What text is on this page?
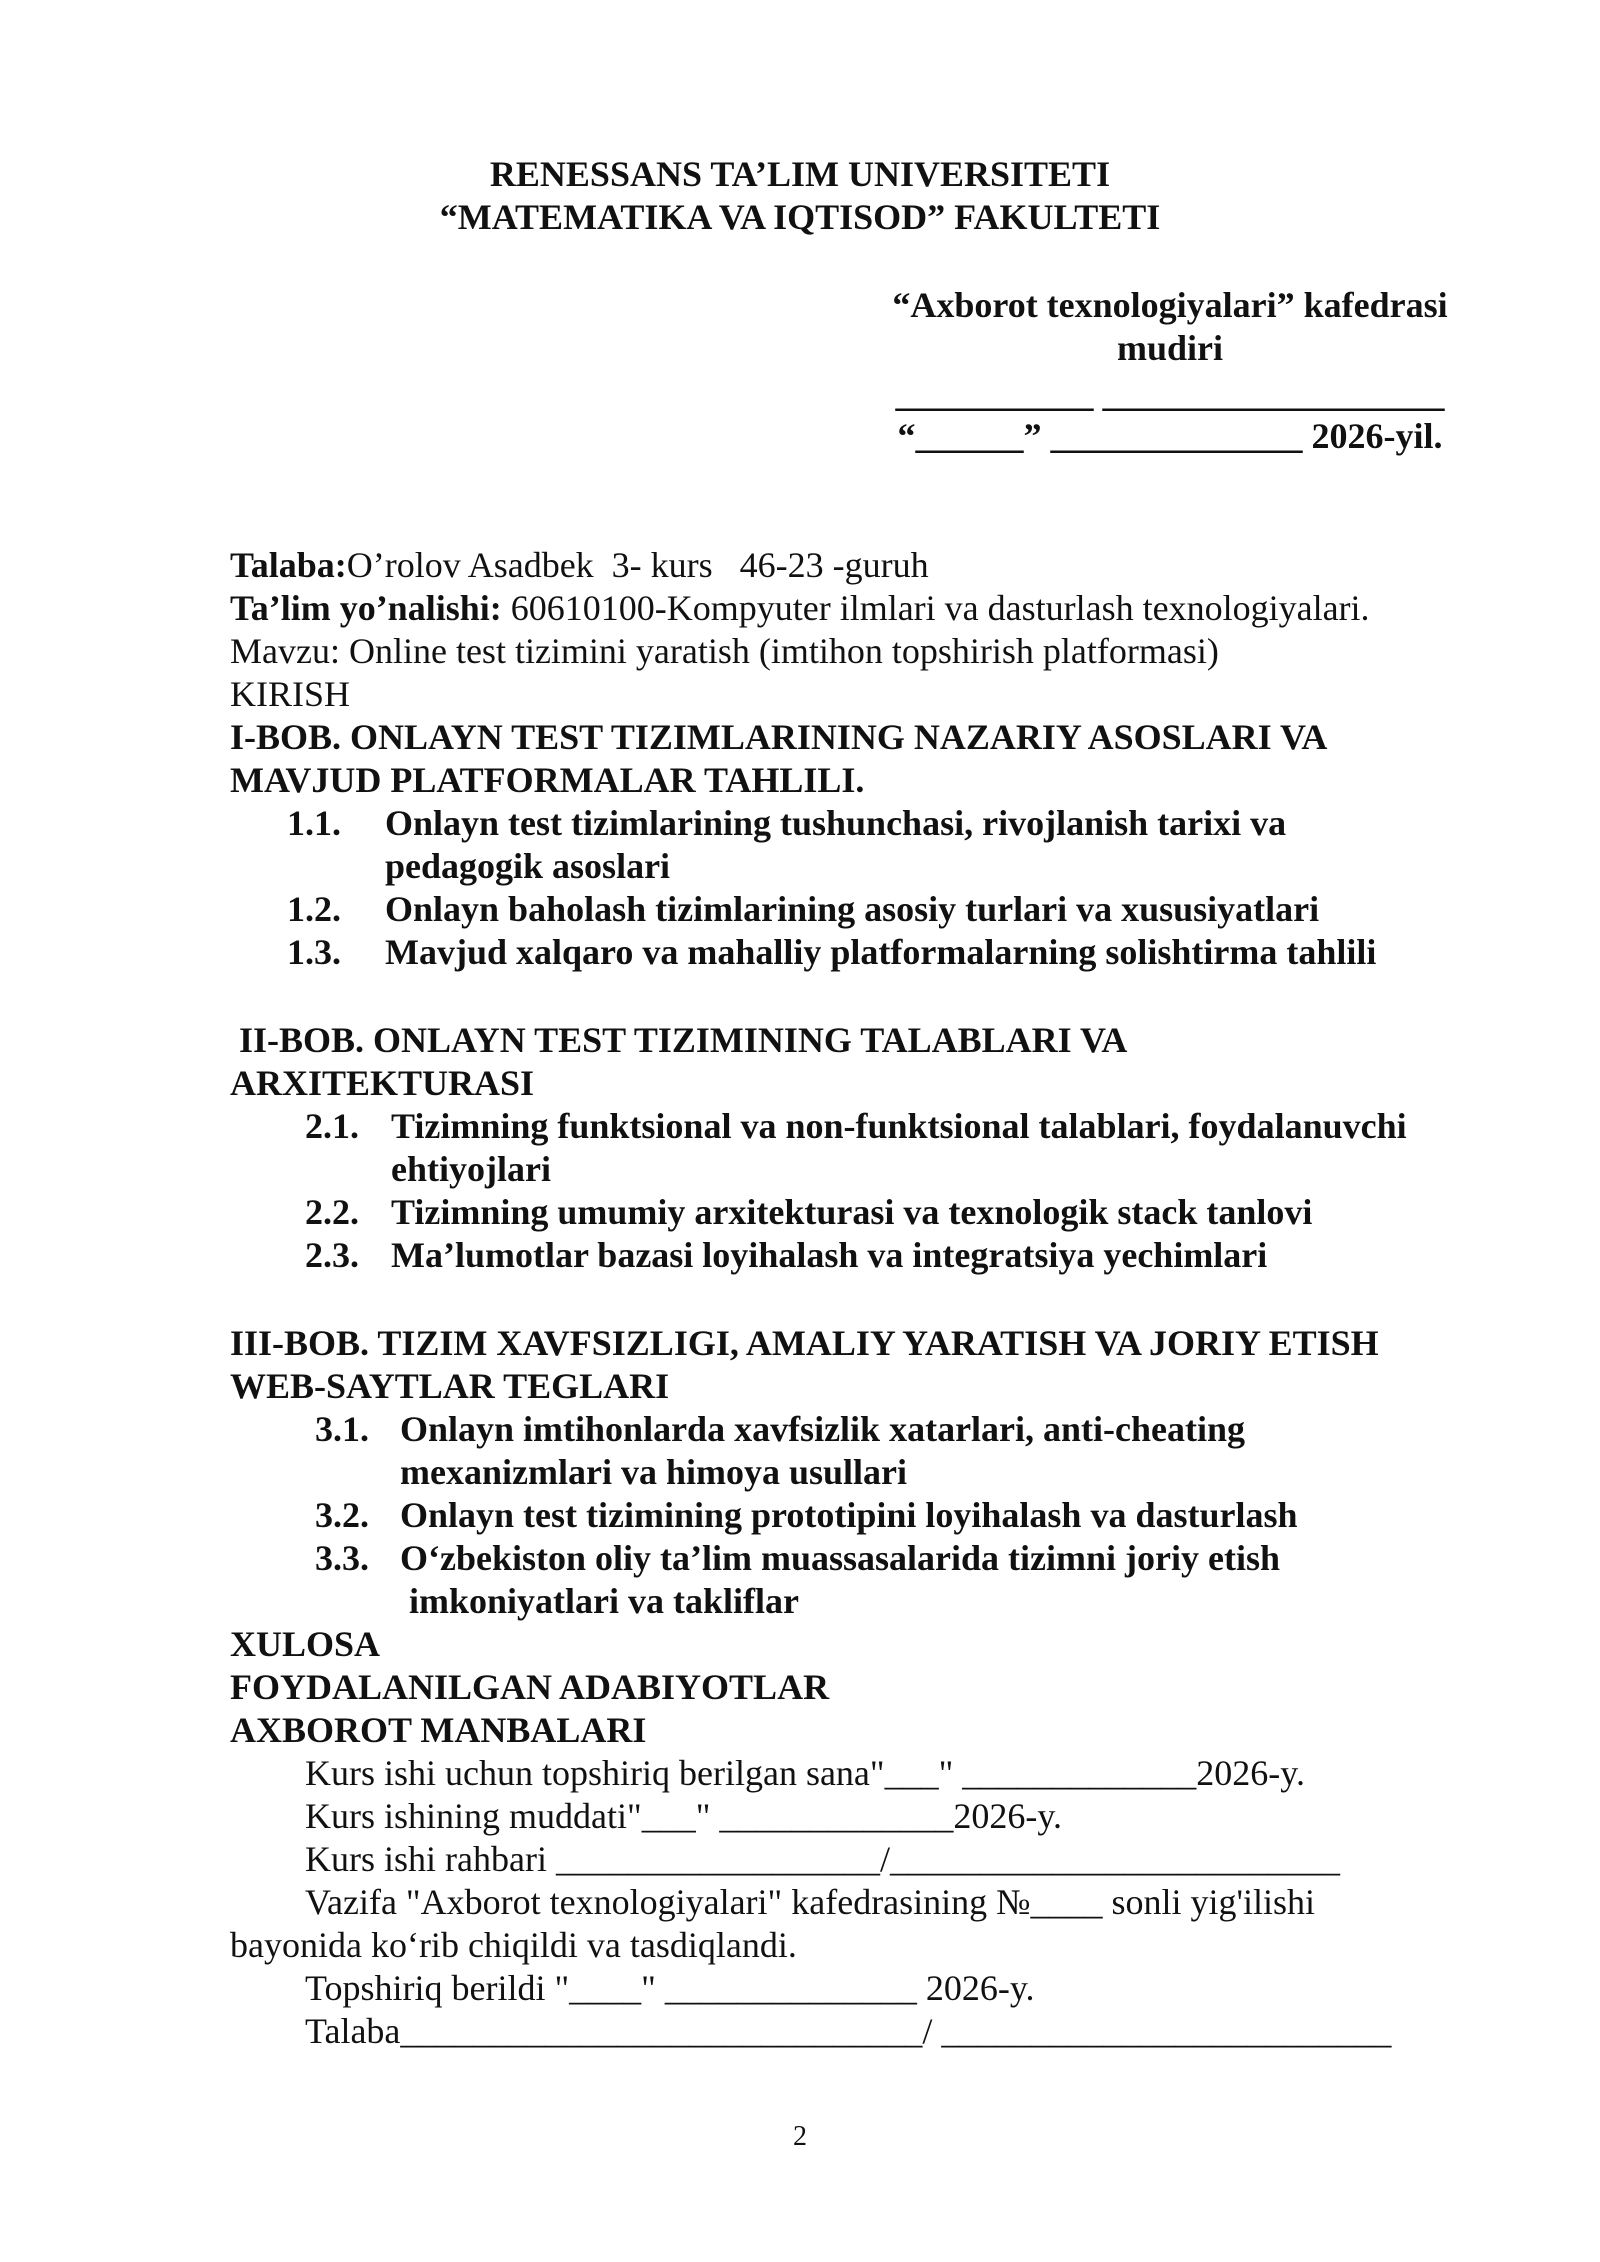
RENESSANS TA’LIM UNIVERSITETI
“MATEMATIKA VA IQTISOD” FAKULTETI
“Axborot texnologiyalari” kafedrasi
mudiri
___________ ___________________
“______” ______________ 2026-yil.
Talaba:O’rolov Asadbek  3- kurs   46-23 -guruh
Ta’lim yo’nalishi: 60610100-Kompyuter ilmlari va dasturlash texnologiyalari.
Mavzu: Online test tizimini yaratish (imtihon topshirish platformasi)
KIRISH
I-BOB. ONLAYN TEST TIZIMLARINING NAZARIY ASOSLARI VA
MAVJUD PLATFORMALAR TAHLILI.
1.1. Onlayn test tizimlarining tushunchasi, rivojlanish tarixi va
pedagogik asoslari
1.2. Onlayn baholash tizimlarining asosiy turlari va xususiyatlari
1.3. Mavjud xalqaro va mahalliy platformalarning solishtirma tahlili
II-BOB. ONLAYN TEST TIZIMINING TALABLARI VA
ARXITEKTURASI
2.1. Tizimning funktsional va non-funktsional talablari, foydalanuvchi
ehtiyojlari
2.2. Tizimning umumiy arxitekturasi va texnologik stack tanlovi
2.3. Ma’lumotlar bazasi loyihalash va integratsiya yechimlari
III-BOB. TIZIM XAVFSIZLIGI, AMALIY YARATISH VA JORIY ETISH
WEB-SAYTLAR TEGLARI
3.1. Onlayn imtihonlarda xavfsizlik xatarlari, anti-cheating
mexanizmlari va himoya usullari
3.2. Onlayn test tizimining prototipini loyihalash va dasturlash
3.3. O‘zbekiston oliy ta’lim muassasalarida tizimni joriy etish
imkoniyatlari va takliflar
XULOSA
FOYDALANILGAN ADABIYOTLAR
AXBOROT MANBALARI
Kurs ishi uchun topshiriq berilgan sana"___" _____________2026-y.
Kurs ishining muddati"___" _____________2026-y.
Kurs ishi rahbari __________________/_________________________
Vazifa "Axborot texnologiyalari" kafedrasining №____ sonli yig'ilishi
bayonida ko‘rib chiqildi va tasdiqlandi.
Topshiriq berildi "____" ______________ 2026-y.
Talaba_____________________________/ _________________________
2
